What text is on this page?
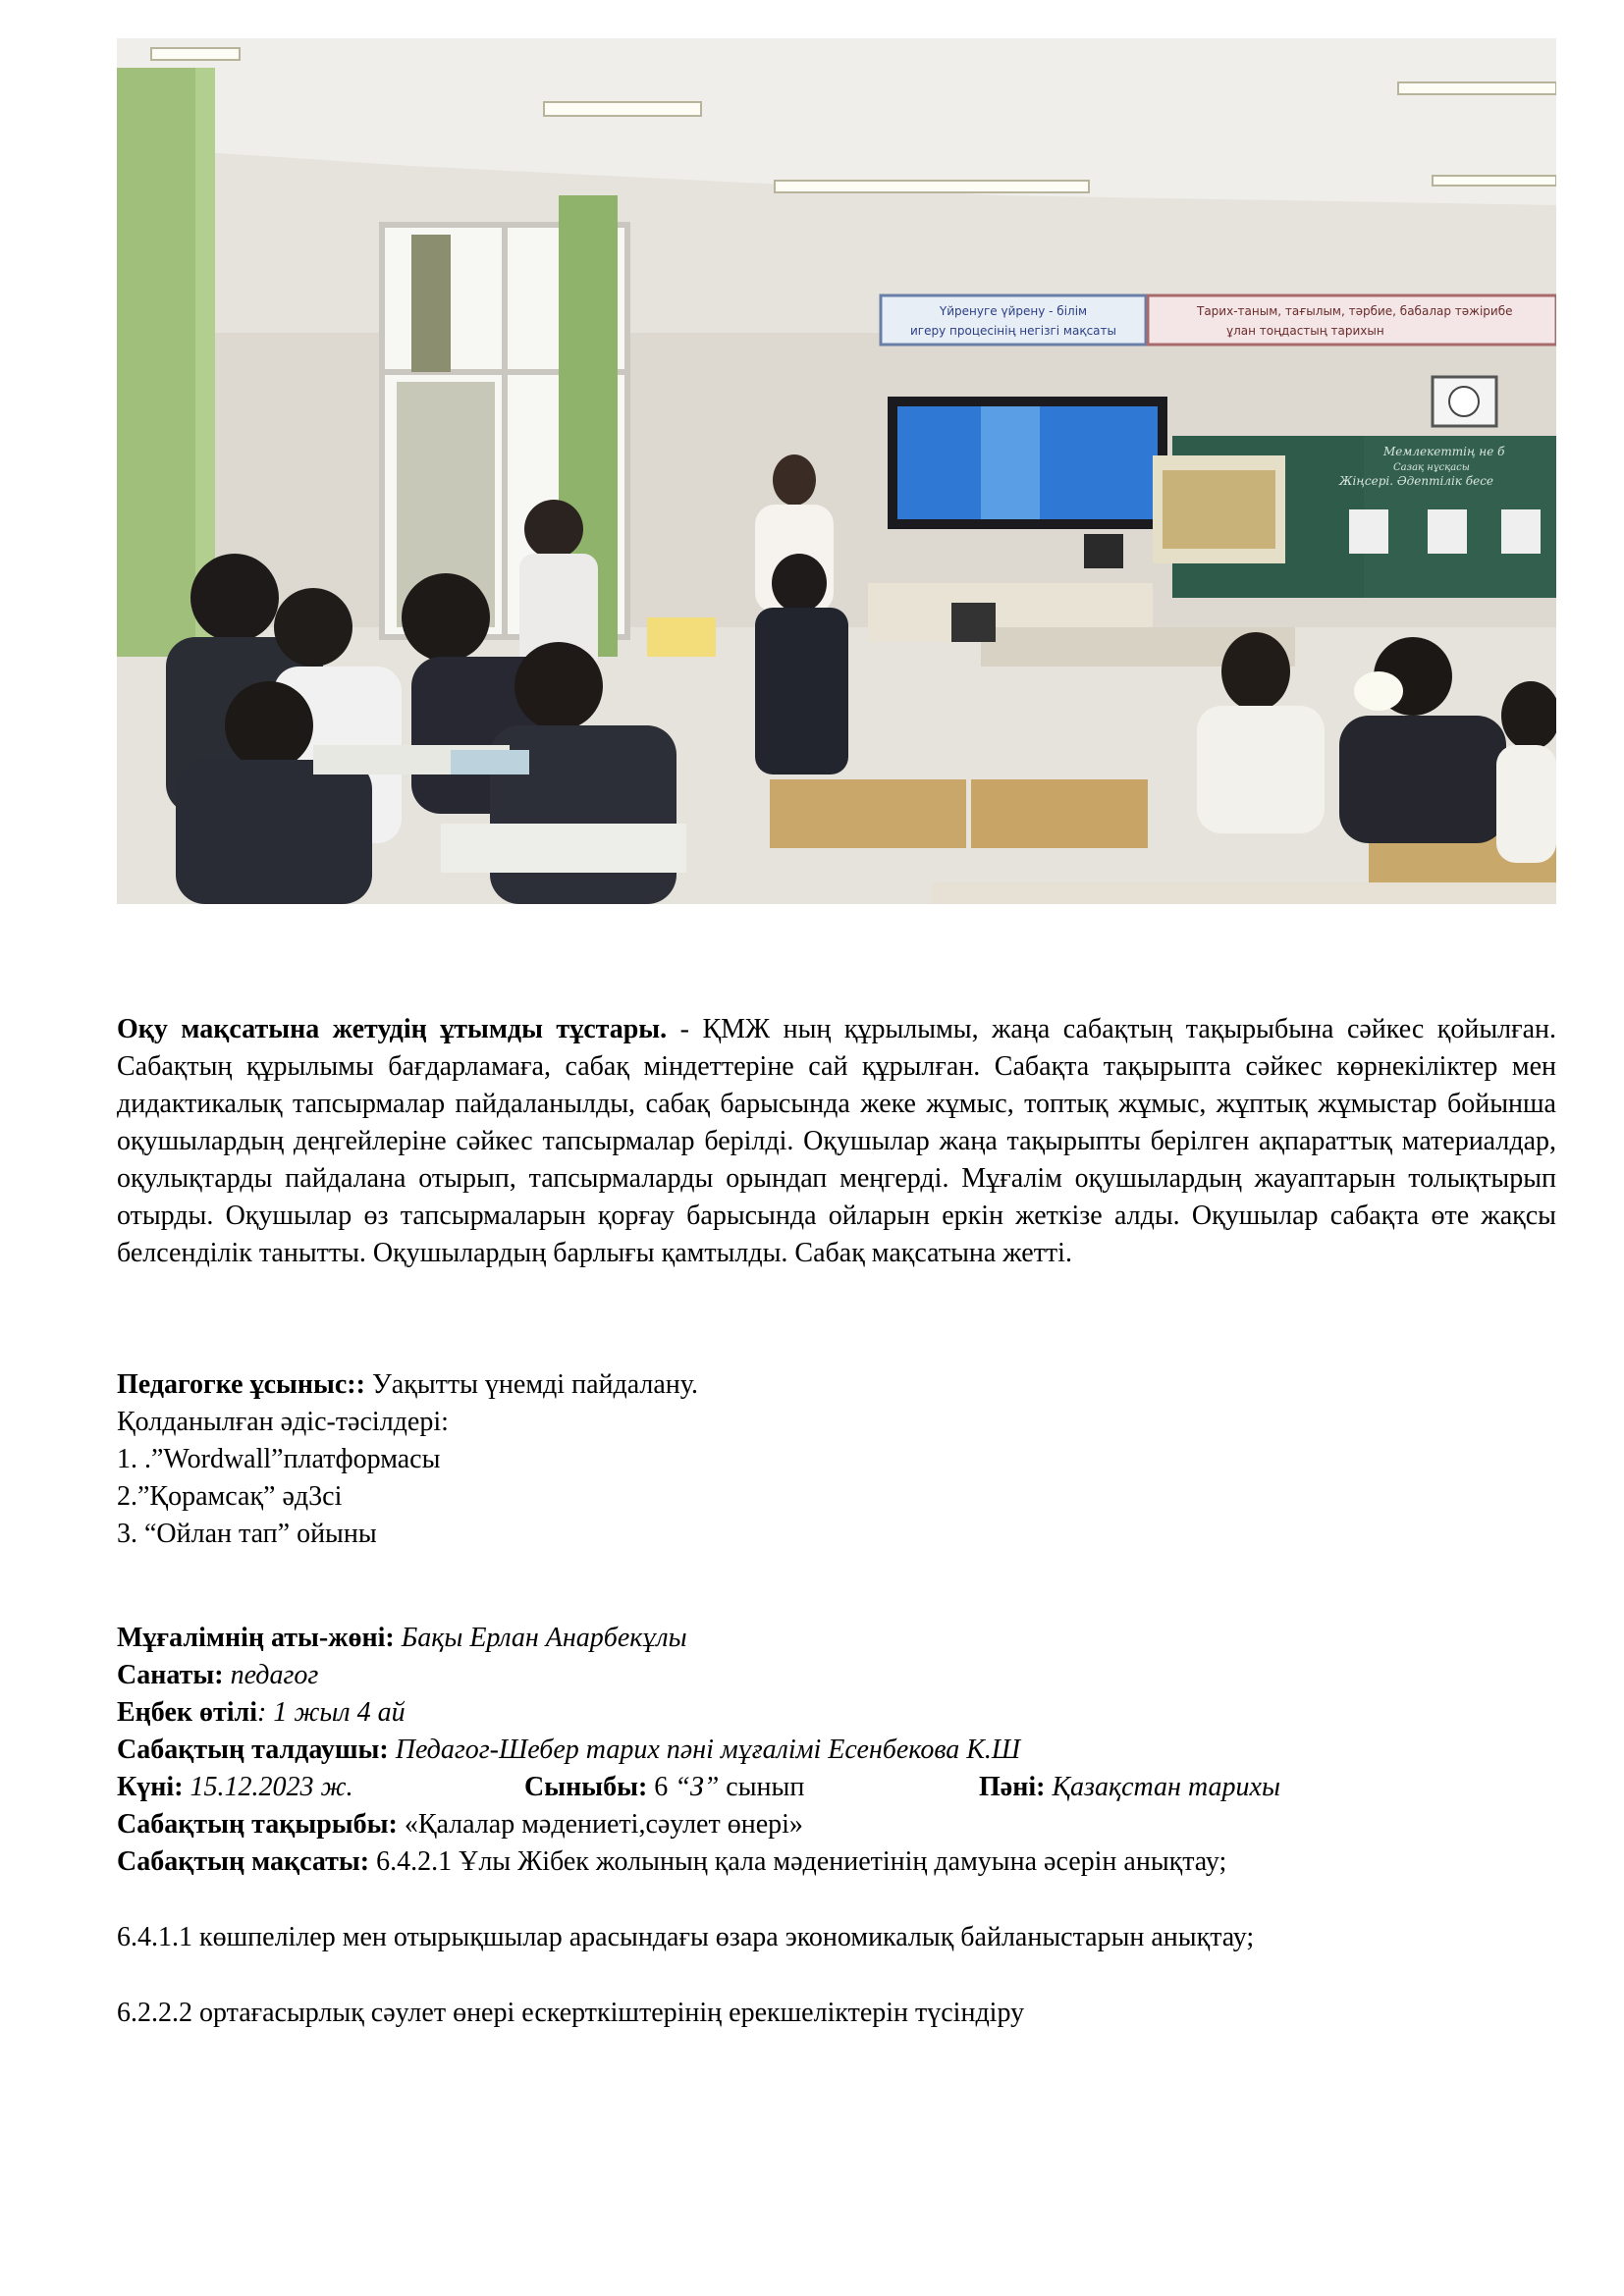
Үйренуге үйрену - білім
игеру процесінің негізгі мақсаты
Тарих-таным, тағылым, тәрбие, бабалар тәжірибе
ұлан тоңдастың тарихын
Мемлекеттің не б
Сазақ нұсқасы
Жіңсері. Әдептілік бесе
Оқу мақсатына жетудің ұтымды тұстары. - ҚМЖ ның құрылымы, жаңа сабақтың тақырыбына сәйкес қойылған. Сабақтың құрылымы бағдарламаға, сабақ міндеттеріне сай құрылған. Сабақта тақырыпта сәйкес көрнекіліктер мен дидактикалық тапсырмалар пайдаланылды, сабақ барысында жеке жұмыс, топтық жұмыс, жұптық жұмыстар бойынша оқушылардың деңгейлеріне сәйкес тапсырмалар берілді. Оқушылар жаңа тақырыпты берілген ақпараттық материалдар, оқулықтарды пайдалана отырып, тапсырмаларды орындап меңгерді. Мұғалім оқушылардың жауаптарын толықтырып отырды. Оқушылар өз тапсырмаларын қорғау барысында ойларын еркін жеткізе алды. Оқушылар сабақта өте жақсы белсенділік танытты. Оқушылардың барлығы қамтылды. Сабақ мақсатына жетті.
Педагогке ұсыныс:: Уақытты үнемді пайдалану.
Қолданылған әдіс-тәсілдері:
1. .”Wordwall”платформасы
2.”Қорамсақ” әд3сі
3. “Ойлан тап” ойыны
Мұғалімнің аты-жөні: Бақы Ерлан Анарбекұлы
Санаты: педагог
Еңбек өтілі: 1 жыл 4 ай
Сабақтың талдаушы: Педагог-Шебер тарих пәні мұғалімі Есенбекова К.Ш
Күні: 15.12.2023 ж.	Сыныбы: 6 “З” сынып	Пәні: Қазақстан тарихы
Сабақтың тақырыбы: «Қалалар мәдениеті,сәулет өнері»
Сабақтың мақсаты: 6.4.2.1 Ұлы Жібек жолының қала мәдениетінің дамуына әсерін анықтау;
6.4.1.1 көшпелілер мен отырықшылар арасындағы өзара экономикалық байланыстарын анықтау;
6.2.2.2 ортағасырлық сәулет өнері ескерткіштерінің ерекшеліктерін түсіндіру
